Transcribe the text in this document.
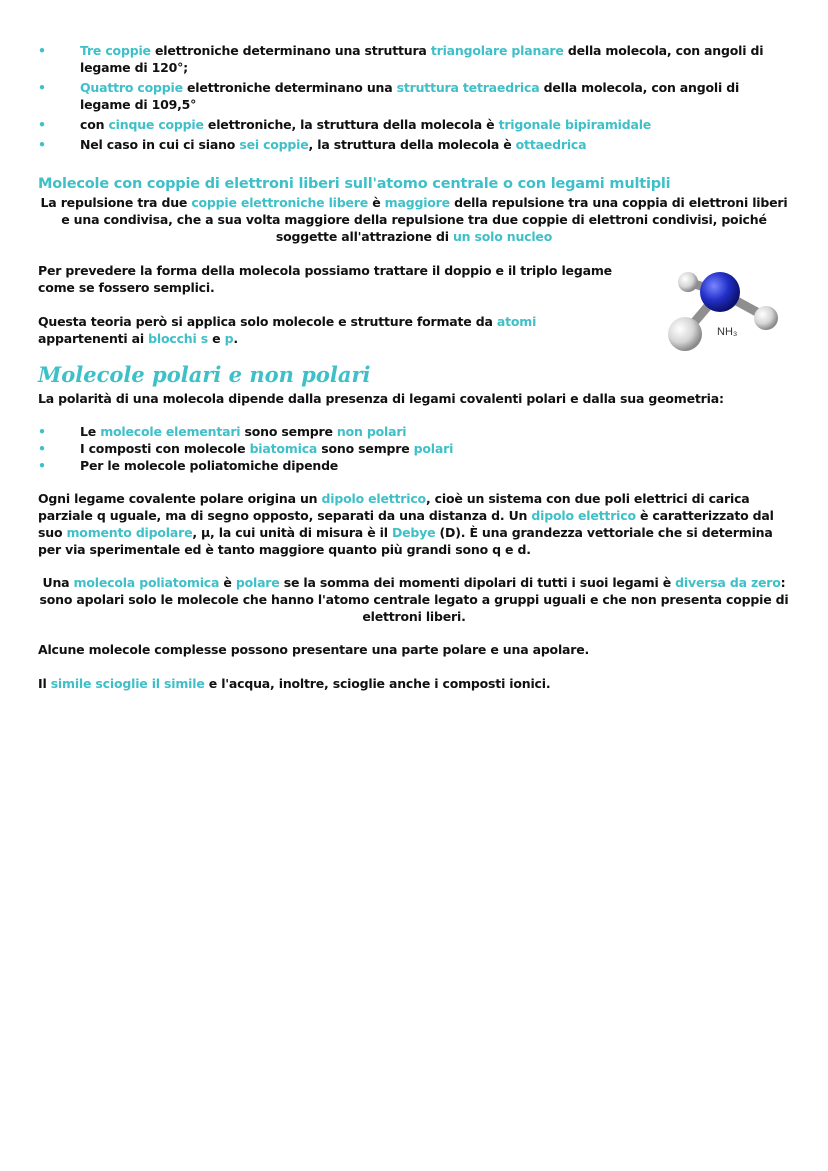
•	Tre coppie elettroniche determinano una struttura triangolare planare della molecola, con angoli di legame di 120°;
•	Quattro coppie elettroniche determinano una struttura tetraedrica della molecola, con angoli di legame di 109,5°
•	con cinque coppie elettroniche, la struttura della molecola è trigonale bipiramidale
•	Nel caso in cui ci siano sei coppie, la struttura della molecola è ottaedrica
Molecole con coppie di elettroni liberi sull'atomo centrale o con legami multipli
La repulsione tra due coppie elettroniche libere è maggiore della repulsione tra una coppia di elettroni liberi e una condivisa, che a sua volta maggiore della repulsione tra due coppie di elettroni condivisi, poiché soggette all'attrazione di un solo nucleo
Per prevedere la forma della molecola possiamo trattare il doppio e il triplo legame come se fossero semplici.
Questa teoria però si applica solo molecole e strutture formate da atomi appartenenti ai blocchi s e p.	NH₃
Molecole polari e non polari
La polarità di una molecola dipende dalla presenza di legami covalenti polari e dalla sua geometria:
•	Le molecole elementari sono sempre non polari
•	I composti con molecole biatomica sono sempre polari
•	Per le molecole poliatomiche dipende
Ogni legame covalente polare origina un dipolo elettrico, cioè un sistema con due poli elettrici di carica parziale q uguale, ma di segno opposto, separati da una distanza d. Un dipolo elettrico è caratterizzato dal suo momento dipolare, μ, la cui unità di misura è il Debye (D). È una grandezza vettoriale che si determina per via sperimentale ed è tanto maggiore quanto più grandi sono q e d.
Una molecola poliatomica è polare se la somma dei momenti dipolari di tutti i suoi legami è diversa da zero: sono apolari solo le molecole che hanno l'atomo centrale legato a gruppi uguali e che non presenta coppie di elettroni liberi.
Alcune molecole complesse possono presentare una parte polare e una apolare.
Il simile scioglie il simile e l'acqua, inoltre, scioglie anche i composti ionici.
